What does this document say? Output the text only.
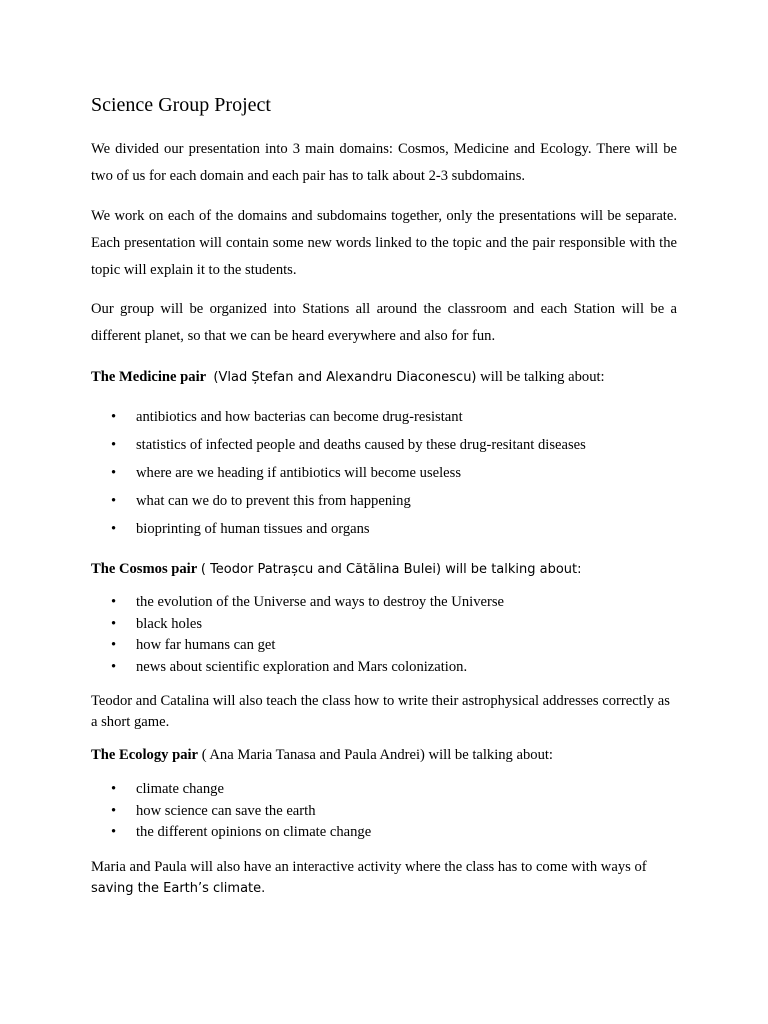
Science Group Project

We divided our presentation into 3 main domains: Cosmos, Medicine and Ecology. There will be two of us for each domain and each pair has to talk about 2-3 subdomains.

We work on each of the domains and subdomains together, only the presentations will be separate. Each presentation will contain some new words linked to the topic and the pair responsible with the topic will explain it to the students.

Our group will be organized into Stations all around the classroom and each Station will be a different planet, so that we can be heard everywhere and also for fun.

The Medicine pair (Vlad Ștefan and Alexandru Diaconescu) will be talking about:
• antibiotics and how bacterias can become drug-resistant
• statistics of infected people and deaths caused by these drug-resitant diseases
• where are we heading if antibiotics will become useless
• what can we do to prevent this from happening
• bioprinting of human tissues and organs
The Cosmos pair ( Teodor Patrașcu and Cătălina Bulei) will be talking about:
• the evolution of the Universe and ways to destroy the Universe
• black holes
• how far humans can get
• news about scientific exploration and Mars colonization.

Teodor and Catalina will also teach the class how to write their astrophysical addresses correctly as a short game.

The Ecology pair ( Ana Maria Tanasa and Paula Andrei) will be talking about:
• climate change
• how science can save the earth
• the different opinions on climate change

Maria and Paula will also have an interactive activity where the class has to come with ways of
saving the Earth’s climate.
